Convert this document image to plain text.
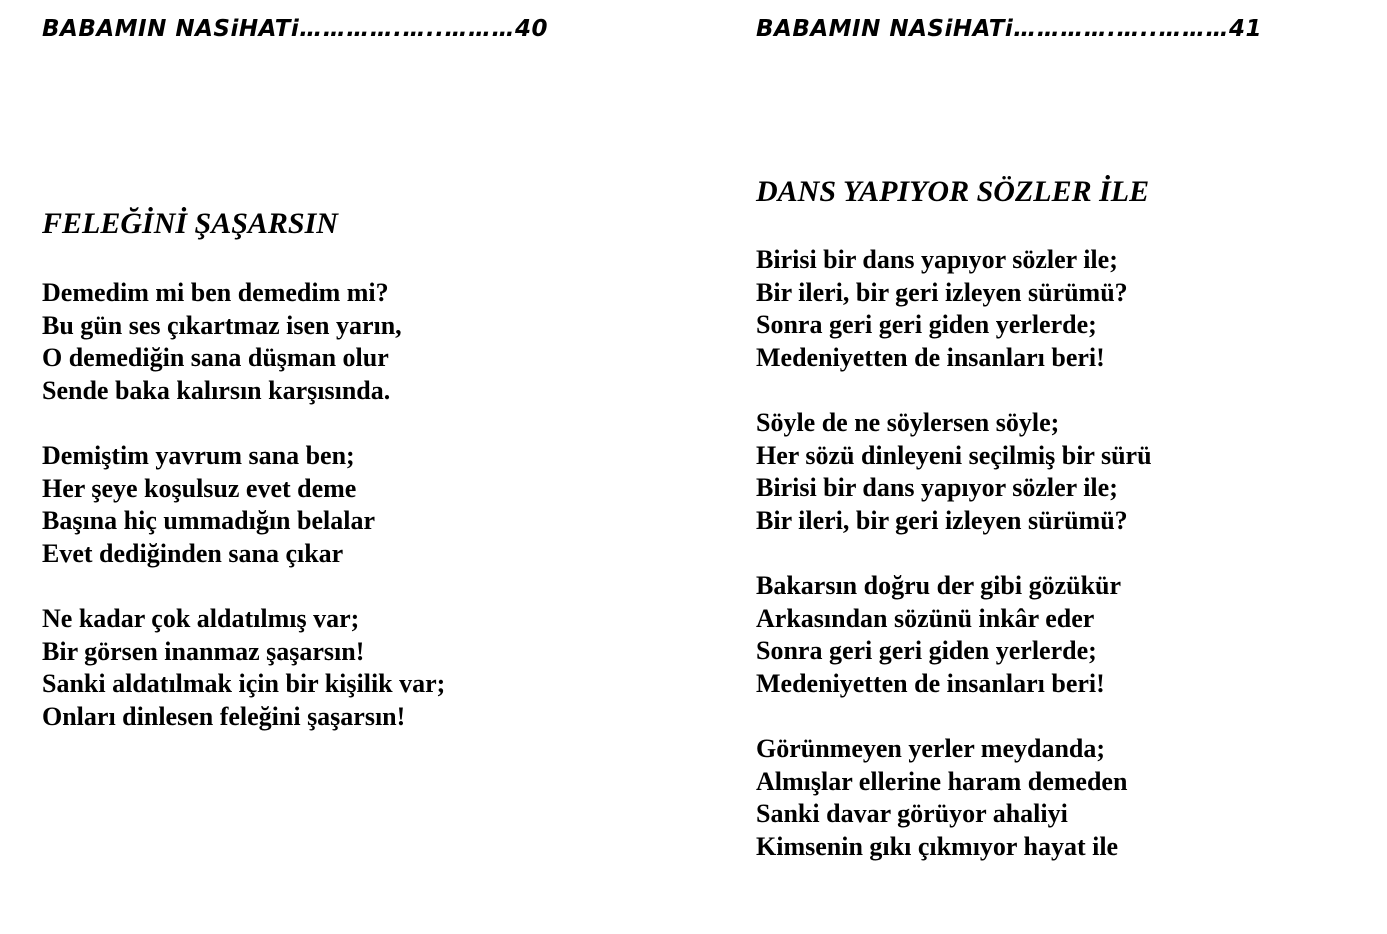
BABAMIN NASiHATi………….…..………40
FELEĞİNİ ŞAŞARSIN

Demedim mi ben demedim mi?
Bu gün ses çıkartmaz isen yarın,
O demediğin sana düşman olur
Sende baka kalırsın karşısında.

Demiştim yavrum sana ben;
Her şeye koşulsuz evet deme
Başına hiç ummadığın belalar
Evet dediğinden sana çıkar

Ne kadar çok aldatılmış var;
Bir görsen inanmaz şaşarsın!
Sanki aldatılmak için bir kişilik var;
Onları dinlesen feleğini şaşarsın!

BABAMIN NASiHATi………….…..………41
DANS YAPIYOR SÖZLER İLE

Birisi bir dans yapıyor sözler ile;
Bir ileri, bir geri izleyen sürümü?
Sonra geri geri giden yerlerde;
Medeniyetten de insanları beri!

Söyle de ne söylersen söyle;
Her sözü dinleyeni seçilmiş bir sürü
Birisi bir dans yapıyor sözler ile;
Bir ileri, bir geri izleyen sürümü?

Bakarsın doğru der gibi gözükür
Arkasından sözünü inkâr eder
Sonra geri geri giden yerlerde;
Medeniyetten de insanları beri!

Görünmeyen yerler meydanda;
Almışlar ellerine haram demeden
Sanki davar görüyor ahaliyi
Kimsenin gıkı çıkmıyor hayat ile
